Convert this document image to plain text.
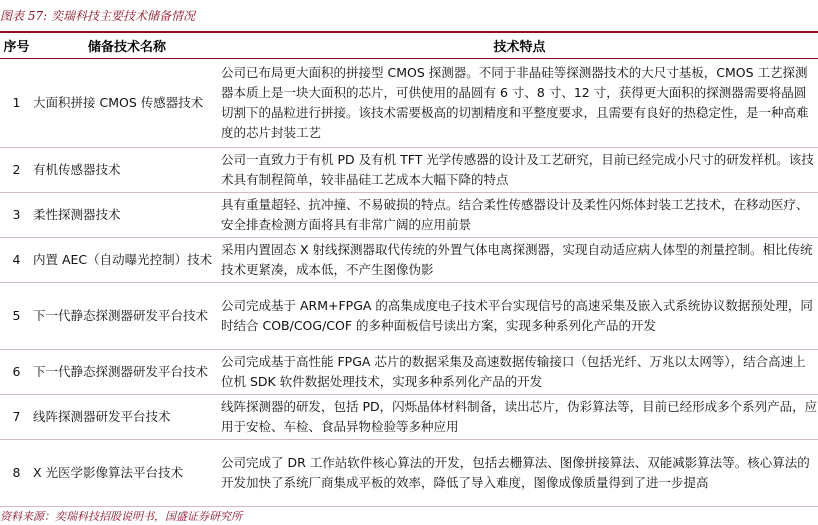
图表 57: 奕瑞科技主要技术储备情况
序号	储备技术名称	技术特点
1	大面积拼接 CMOS 传感器技术	公司已布局更大面积的拼接型 CMOS 探测器。不同于非晶硅等探测器技术的大尺寸基板，CMOS 工艺探测器本质上是一块大面积的芯片，可供使用的晶圆有 6 寸、8 寸、12 寸，获得更大面积的探测器需要将晶圆切割下的晶粒进行拼接。该技术需要极高的切割精度和平整度要求，且需要有良好的热稳定性，是一种高难度的芯片封装工艺
2	有机传感器技术	公司一直致力于有机 PD 及有机 TFT 光学传感器的设计及工艺研究，目前已经完成小尺寸的研发样机。该技术具有制程简单，较非晶硅工艺成本大幅下降的特点
3	柔性探测器技术	具有重量超轻、抗冲撞、不易破损的特点。结合柔性传感器设计及柔性闪烁体封装工艺技术，在移动医疗、安全排查检测方面将具有非常广阔的应用前景
4	内置 AEC（自动曝光控制）技术	采用内置固态 X 射线探测器取代传统的外置气体电离探测器，实现自动适应病人体型的剂量控制。相比传统技术更紧凑，成本低，不产生图像伪影
5	下一代静态探测器研发平台技术	公司完成基于 ARM+FPGA 的高集成度电子技术平台实现信号的高速采集及嵌入式系统协议数据预处理，同时结合 COB/COG/COF 的多种面板信号读出方案，实现多种系列化产品的开发
6	下一代静态探测器研发平台技术	公司完成基于高性能 FPGA 芯片的数据采集及高速数据传输接口（包括光纤、万兆以太网等），结合高速上位机 SDK 软件数据处理技术，实现多种系列化产品的开发
7	线阵探测器研发平台技术	线阵探测器的研发，包括 PD，闪烁晶体材料制备，读出芯片，伪彩算法等，目前已经形成多个系列产品，应用于安检、车检、食品异物检验等多种应用
8	X 光医学影像算法平台技术	公司完成了 DR 工作站软件核心算法的开发，包括去栅算法、图像拼接算法、双能减影算法等。核心算法的开发加快了系统厂商集成平板的效率，降低了导入难度，图像成像质量得到了进一步提高
资料来源：奕瑞科技招股说明书，国盛证券研究所
